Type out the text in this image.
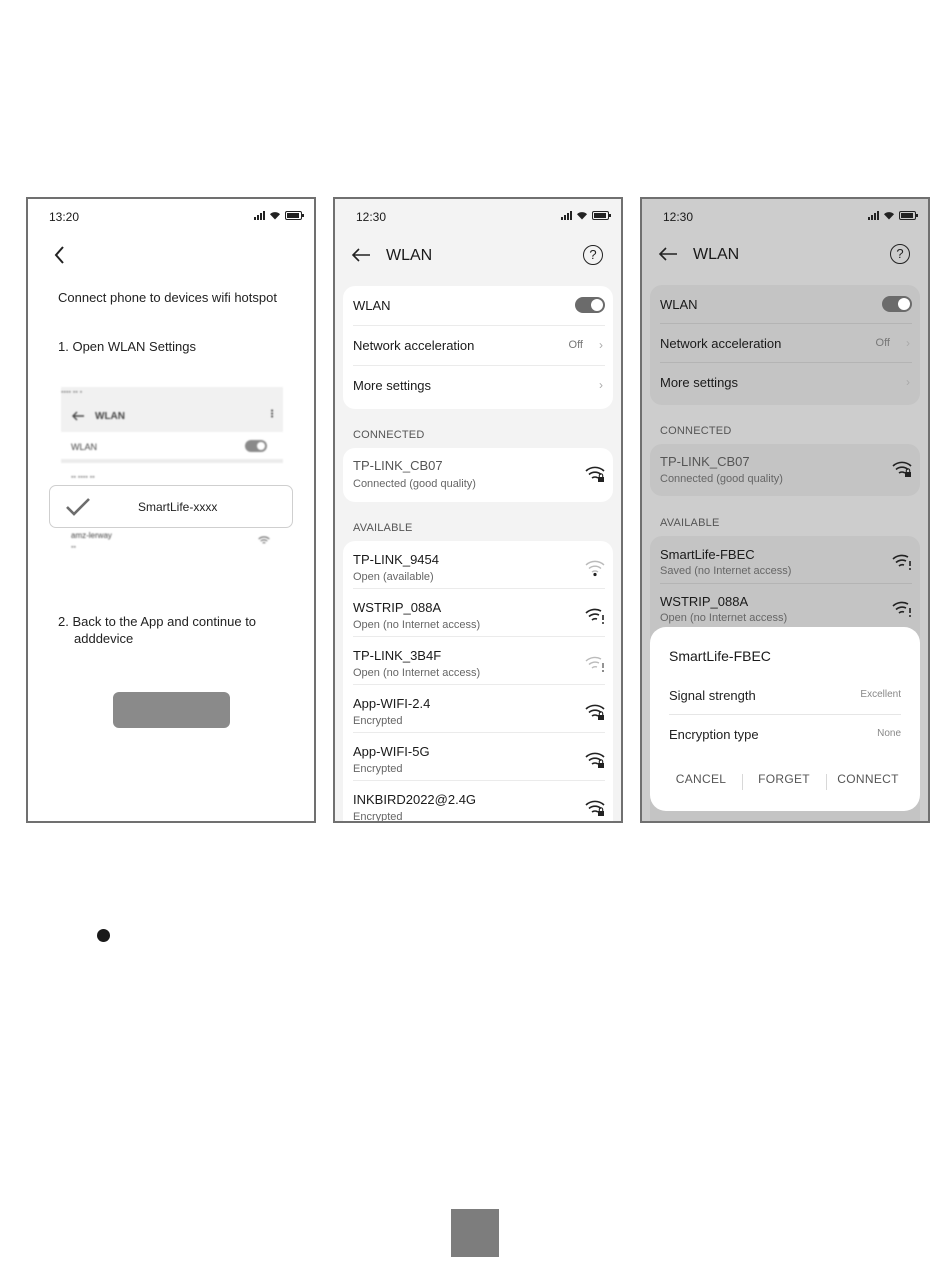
13:20
Connect phone to devices wifi hotspot
1. Open WLAN Settings
▪▪▪▪ ▪▪ ▪
WLAN	⋮
WLAN
▪▪ ▪▪▪▪ ▪▪
amz-lerway
▪▪
SmartLife-xxxx
2. Back to the App and continue to
adddevice
12:30
WLAN	?
WLAN
Network acceleration	Off ›
More settings	›
CONNECTED
TP-LINK_CB07
Connected (good quality)
AVAILABLE
TP-LINK_9454
Open (available)
WSTRIP_088A
Open (no Internet access)
TP-LINK_3B4F
Open (no Internet access)
App-WIFI-2.4
Encrypted
App-WIFI-5G
Encrypted
INKBIRD2022@2.4G
Encrypted
12:30
WLAN	?
WLAN
Network acceleration	Off ›
More settings	›
CONNECTED
TP-LINK_CB07
Connected (good quality)
AVAILABLE
SmartLife-FBEC
Saved (no Internet access)
WSTRIP_088A
Open (no Internet access)
SmartLife-FBEC
Signal strength	Excellent
Encryption type	None
CANCEL	FORGET	CONNECT
